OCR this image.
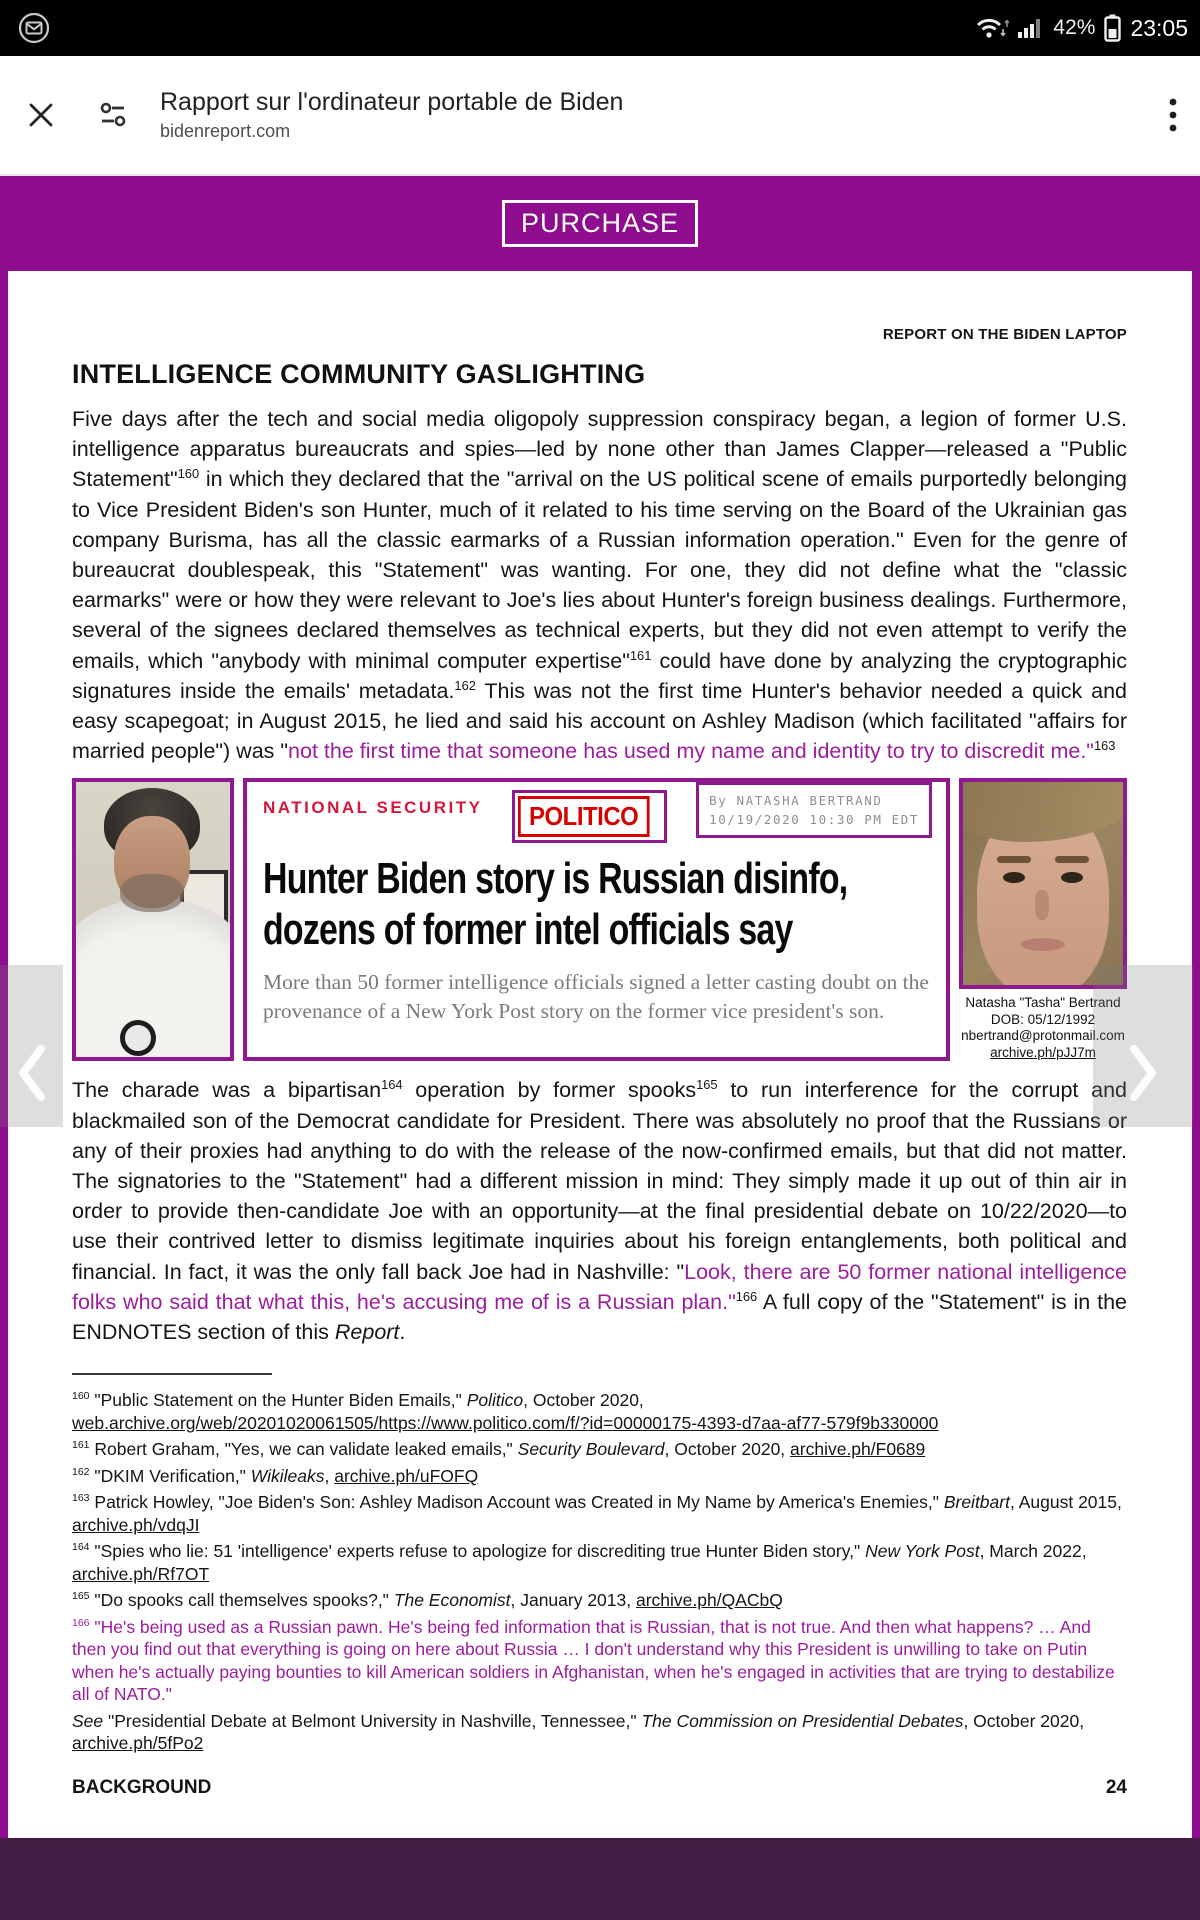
42% 23:05
Rapport sur l'ordinateur portable de Biden
bidenreport.com
PURCHASE
REPORT ON THE BIDEN LAPTOP
INTELLIGENCE COMMUNITY GASLIGHTING

Five days after the tech and social media oligopoly suppression conspiracy began, a legion of former U.S. intelligence apparatus bureaucrats and spies—led by none other than James Clapper—released a "Public Statement"$^{160}$ in which they declared that the "arrival on the US political scene of emails purportedly belonging to Vice President Biden's son Hunter, much of it related to his time serving on the Board of the Ukrainian gas company Burisma, has all the classic earmarks of a Russian information operation." Even for the genre of bureaucrat doublespeak, this "Statement" was wanting. For one, they did not define what the "classic earmarks" were or how they were relevant to Joe's lies about Hunter's foreign business dealings. Furthermore, several of the signees declared themselves as technical experts, but they did not even attempt to verify the emails, which "anybody with minimal computer expertise"$^{161}$ could have done by analyzing the cryptographic signatures inside the emails' metadata.$^{162}$ This was not the first time Hunter's behavior needed a quick and easy scapegoat; in August 2015, he lied and said his account on Ashley Madison (which facilitated "affairs for married people") was "not the first time that someone has used my name and identity to try to discredit me."$^{163}$

NATIONAL SECURITY	POLITICO
By NATASHA BERTRAND
10/19/2020 10:30 PM EDT
Hunter Biden story is Russian disinfo,
dozens of former intel officials say
More than 50 former intelligence officials signed a letter casting doubt on the
provenance of a New York Post story on the former vice president's son.	Natasha "Tasha" Bertrand
DOB: 05/12/1992
nbertrand@protonmail.com
archive.ph/pJJ7m

The charade was a bipartisan$^{164}$ operation by former spooks$^{165}$ to run interference for the corrupt and blackmailed son of the Democrat candidate for President. There was absolutely no proof that the Russians or any of their proxies had anything to do with the release of the now-confirmed emails, but that did not matter. The signatories to the "Statement" had a different mission in mind: They simply made it up out of thin air in order to provide then-candidate Joe with an opportunity—at the final presidential debate on 10/22/2020—to use their contrived letter to dismiss legitimate inquiries about his foreign entanglements, both political and financial. In fact, it was the only fall back Joe had in Nashville: "Look, there are 50 former national intelligence folks who said that what this, he's accusing me of is a Russian plan."$^{166}$ A full copy of the "Statement" is in the ENDNOTES section of this Report.

$^{160}$ "Public Statement on the Hunter Biden Emails," Politico, October 2020, web.archive.org/web/20201020061505/https://www.politico.com/f/?id=00000175-4393-d7aa-af77-579f9b330000

$^{161}$ Robert Graham, "Yes, we can validate leaked emails," Security Boulevard, October 2020, archive.ph/F0689

$^{162}$ "DKIM Verification," Wikileaks, archive.ph/uFOFQ

$^{163}$ Patrick Howley, "Joe Biden's Son: Ashley Madison Account was Created in My Name by America's Enemies," Breitbart, August 2015, archive.ph/vdqJI

$^{164}$ "Spies who lie: 51 'intelligence' experts refuse to apologize for discrediting true Hunter Biden story," New York Post, March 2022, archive.ph/Rf7OT

$^{165}$ "Do spooks call themselves spooks?," The Economist, January 2013, archive.ph/QACbQ

$^{166}$ "He's being used as a Russian pawn. He's being fed information that is Russian, that is not true. And then what happens? … And then you find out that everything is going on here about Russia … I don't understand why this President is unwilling to take on Putin when he's actually paying bounties to kill American soldiers in Afghanistan, when he's engaged in activities that are trying to destabilize all of NATO."

See "Presidential Debate at Belmont University in Nashville, Tennessee," The Commission on Presidential Debates, October 2020, archive.ph/5fPo2

BACKGROUND	24
